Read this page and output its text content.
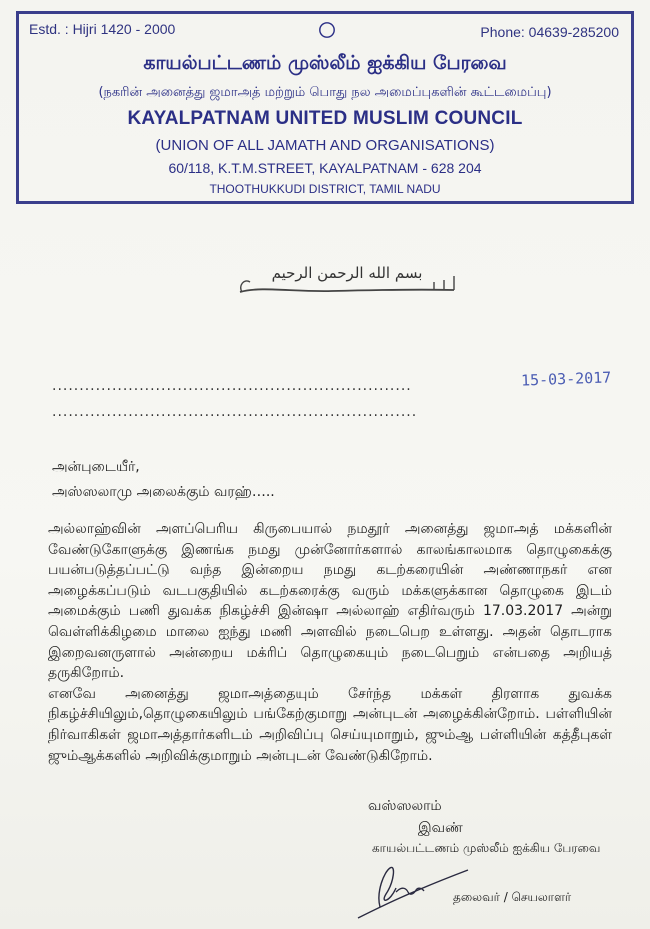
Estd. : Hijri 1420 - 2000	Phone: 04639-285200
காயல்பட்டணம் முஸ்லீம் ஐக்கிய பேரவை
(நகரின் அனைத்து ஜமாஅத் மற்றும் பொது நல அமைப்புகளின் கூட்டமைப்பு)
KAYALPATNAM UNITED MUSLIM COUNCIL
(UNION OF ALL JAMATH AND ORGANISATIONS)
60/118, K.T.M.STREET, KAYALPATNAM - 628 204
THOOTHUKKUDI DISTRICT, TAMIL NADU
بسم الله الرحمن الرحيم
..................................................................
...................................................................
15-03-2017
அன்புடையீர்,
அஸ்ஸலாமு அலைக்கும் வரஹ்…..

அல்லாஹ்வின் அளப்பெரிய கிருபையால் நமதூர் அனைத்து ஜமாஅத் மக்களின் வேண்டுகோளுக்கு இணங்க நமது முன்னோர்களால் காலங்காலமாக தொழுகைக்கு பயன்படுத்தப்பட்டு வந்த இன்றைய நமது கடற்கரையின் அண்ணாநகர் என அழைக்கப்படும் வடபகுதியில் கடற்கரைக்கு வரும் மக்களுக்கான தொழுகை இடம் அமைக்கும் பணி துவக்க நிகழ்ச்சி இன்ஷா அல்லாஹ் எதிர்வரும் 17.03.2017 அன்று வெள்ளிக்கிழமை மாலை ஐந்து மணி அளவில் நடைபெற உள்ளது. அதன் தொடராக இறைவனருளால் அன்றைய மக்ரிப் தொழுகையும் நடைபெறும் என்பதை அறியத் தருகிறோம்.

எனவே அனைத்து ஜமாஅத்தையும் சேர்ந்த மக்கள் திரளாக துவக்க நிகழ்ச்சியிலும்,தொழுகையிலும் பங்கேற்குமாறு அன்புடன் அழைக்கின்றோம். பள்ளியின் நிர்வாகிகள் ஜமாஅத்தார்களிடம் அறிவிப்பு செய்யுமாறும், ஜும்ஆ பள்ளியின் கத்தீபுகள் ஜும்ஆக்களில் அறிவிக்குமாறும் அன்புடன் வேண்டுகிறோம்.

வஸ்ஸலாம்
இவண்
காயல்பட்டணம் முஸ்லீம் ஐக்கிய பேரவை
தலைவர் / செயலாளர்
